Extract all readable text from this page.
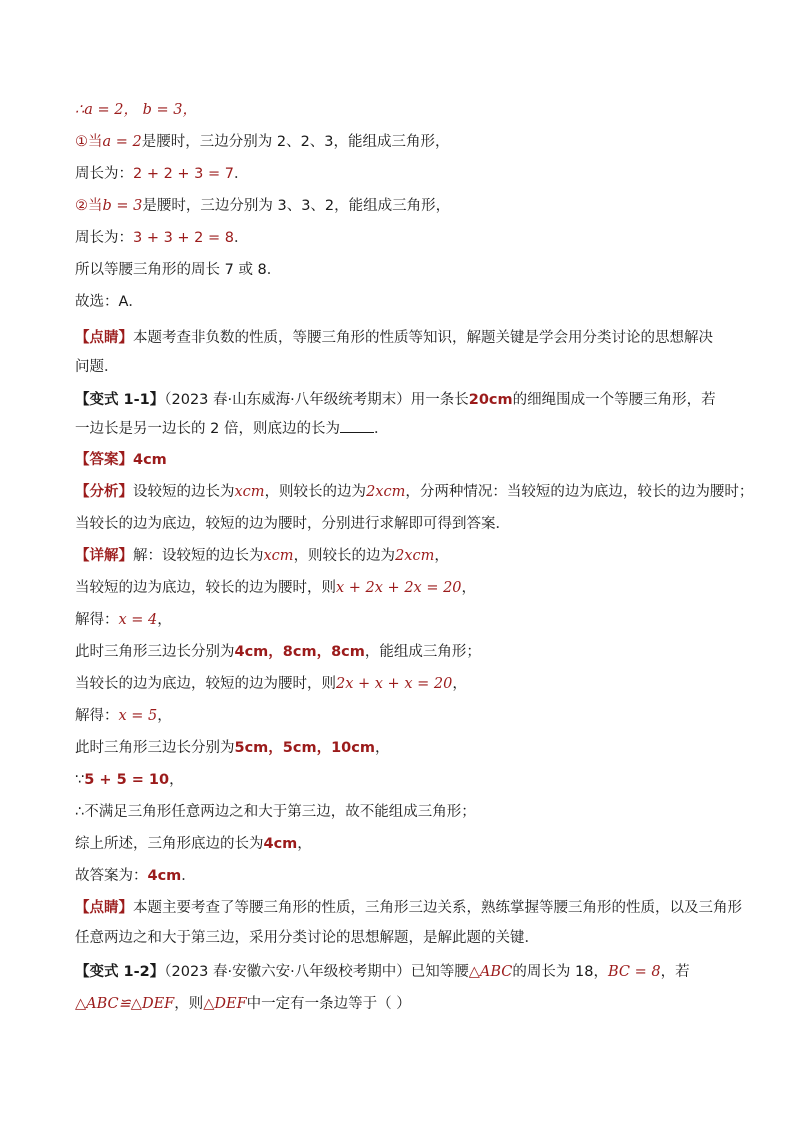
∴a = 2， b = 3，
①当a = 2是腰时，三边分别为 2、2、3，能组成三角形，
周长为：2 + 2 + 3 = 7．
②当b = 3是腰时，三边分别为 3、3、2，能组成三角形，
周长为：3 + 3 + 2 = 8．
所以等腰三角形的周长 7 或 8．
故选：A．
【点睛】本题考查非负数的性质，等腰三角形的性质等知识，解题关键是学会用分类讨论的思想解决问题．
【变式 1-1】（2023 春·山东威海·八年级统考期末）用一条长20cm的细绳围成一个等腰三角形，若一边长是另一边长的 2 倍，则底边的长为 ．
【答案】4cm
【分析】设较短的边长为xcm，则较长的边为2xcm，分两种情况：当较短的边为底边，较长的边为腰时；
当较长的边为底边，较短的边为腰时，分别进行求解即可得到答案．
【详解】解：设较短的边长为xcm，则较长的边为2xcm，
当较短的边为底边，较长的边为腰时，则x + 2x + 2x = 20，
解得：x = 4，
此时三角形三边长分别为4cm，8cm，8cm，能组成三角形；
当较长的边为底边，较短的边为腰时，则2x + x + x = 20，
解得：x = 5，
此时三角形三边长分别为5cm，5cm，10cm，
∵5 + 5 = 10，
∴不满足三角形任意两边之和大于第三边，故不能组成三角形；
综上所述，三角形底边的长为4cm，
故答案为：4cm．
【点睛】本题主要考查了等腰三角形的性质，三角形三边关系，熟练掌握等腰三角形的性质，以及三角形
任意两边之和大于第三边，采用分类讨论的思想解题，是解此题的关键．
【变式 1-2】（2023 春·安徽六安·八年级校考期中）已知等腰△ABC的周长为 18，BC = 8，若
△ABC≌△DEF，则△DEF中一定有一条边等于（ ）
